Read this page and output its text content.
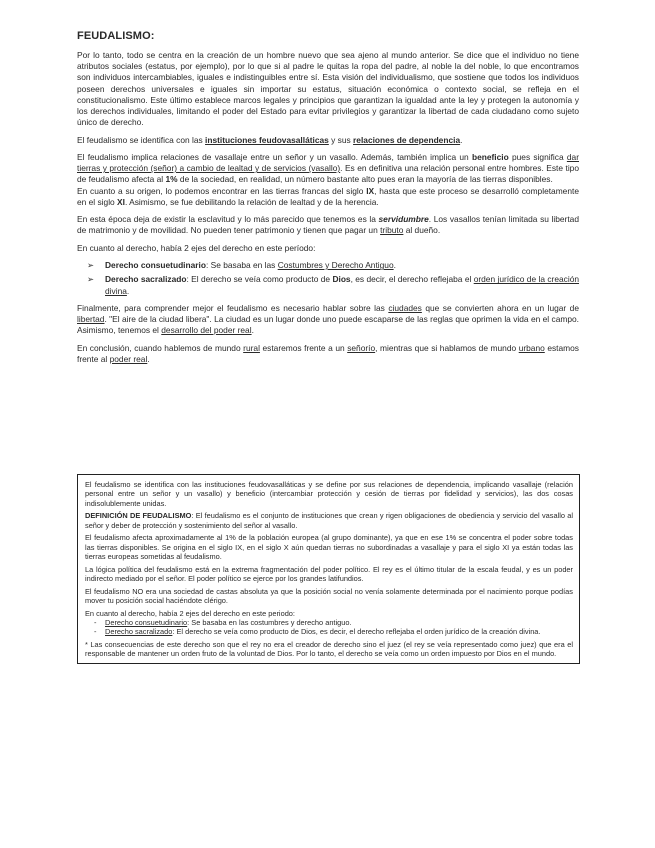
FEUDALISMO:

Por lo tanto, todo se centra en la creación de un hombre nuevo que sea ajeno al mundo anterior. Se dice que el individuo no tiene atributos sociales (estatus, por ejemplo), por lo que si al padre le quitas la ropa del padre, al noble la del noble, lo que encontramos son individuos intercambiables, iguales e indistinguibles entre sí. Esta visión del individualismo, que sostiene que todos los individuos poseen derechos universales e iguales sin importar su estatus, situación económica o contexto social, se refleja en el constitucionalismo. Este último establece marcos legales y principios que garantizan la igualdad ante la ley y protegen la autonomía y los derechos individuales, limitando el poder del Estado para evitar privilegios y garantizar la libertad de cada ciudadano como sujeto único de derecho.

El feudalismo se identifica con las instituciones feudovasalláticas y sus relaciones de dependencia.

El feudalismo implica relaciones de vasallaje entre un señor y un vasallo. Además, también implica un beneficio pues significa dar tierras y protección (señor) a cambio de lealtad y de servicios (vasallo). Es en definitiva una relación personal entre hombres. Este tipo de feudalismo afecta al 1% de la sociedad, en realidad, un número bastante alto pues eran la mayoría de las tierras disponibles.

En cuanto a su origen, lo podemos encontrar en las tierras francas del siglo IX, hasta que este proceso se desarrolló completamente en el siglo XI. Asimismo, se fue debilitando la relación de lealtad y de la herencia.

En esta época deja de existir la esclavitud y lo más parecido que tenemos es la servidumbre. Los vasallos tenían limitada su libertad de matrimonio y de movilidad. No pueden tener patrimonio y tienen que pagar un tributo al dueño.

En cuanto al derecho, había 2 ejes del derecho en este período:

➢ Derecho consuetudinario: Se basaba en las Costumbres y Derecho Antiguo.
➢ Derecho sacralizado: El derecho se veía como producto de Dios, es decir, el derecho reflejaba el orden jurídico de la creación divina.

Finalmente, para comprender mejor el feudalismo es necesario hablar sobre las ciudades que se convierten ahora en un lugar de libertad. "El aire de la ciudad libera". La ciudad es un lugar donde uno puede escaparse de las reglas que oprimen la vida en el campo. Asimismo, tenemos el desarrollo del poder real.

En conclusión, cuando hablemos de mundo rural estaremos frente a un señorío, mientras que si hablamos de mundo urbano estamos frente al poder real.

El feudalismo se identifica con las instituciones feudovasalláticas y se define por sus relaciones de dependencia, implicando vasallaje (relación personal entre un señor y un vasallo) y beneficio (intercambiar protección y cesión de tierras por fidelidad y servicios), las dos cosas indisolublemente unidas.

DEFINICIÓN DE FEUDALISMO: El feudalismo es el conjunto de instituciones que crean y rigen obligaciones de obediencia y servicio del vasallo al señor y deber de protección y sostenimiento del señor al vasallo.

El feudalismo afecta aproximadamente al 1% de la población europea (al grupo dominante), ya que en ese 1% se concentra el poder sobre todas las tierras disponibles. Se origina en el siglo IX, en el siglo X aún quedan tierras no subordinadas a vasallaje y para el siglo XI ya están todas las tierras europeas sometidas al feudalismo.

La lógica política del feudalismo está en la extrema fragmentación del poder político. El rey es el último titular de la escala feudal, y es un poder indirecto mediado por el señor. El poder político se ejerce por los grandes latifundios.

El feudalismo NO era una sociedad de castas absoluta ya que la posición social no venía solamente determinada por el nacimiento porque podías mover tu posición social haciéndote clérigo.

En cuanto al derecho, había 2 ejes del derecho en este periodo:

- Derecho consuetudinario: Se basaba en las costumbres y derecho antiguo.
- Derecho sacralizado: El derecho se veía como producto de Dios, es decir, el derecho reflejaba el orden jurídico de la creación divina.

* Las consecuencias de este derecho son que el rey no era el creador de derecho sino el juez (el rey se veía representado como juez) que era el responsable de mantener un orden fruto de la voluntad de Dios. Por lo tanto, el derecho se veía como un orden impuesto por Dios en el mundo.
